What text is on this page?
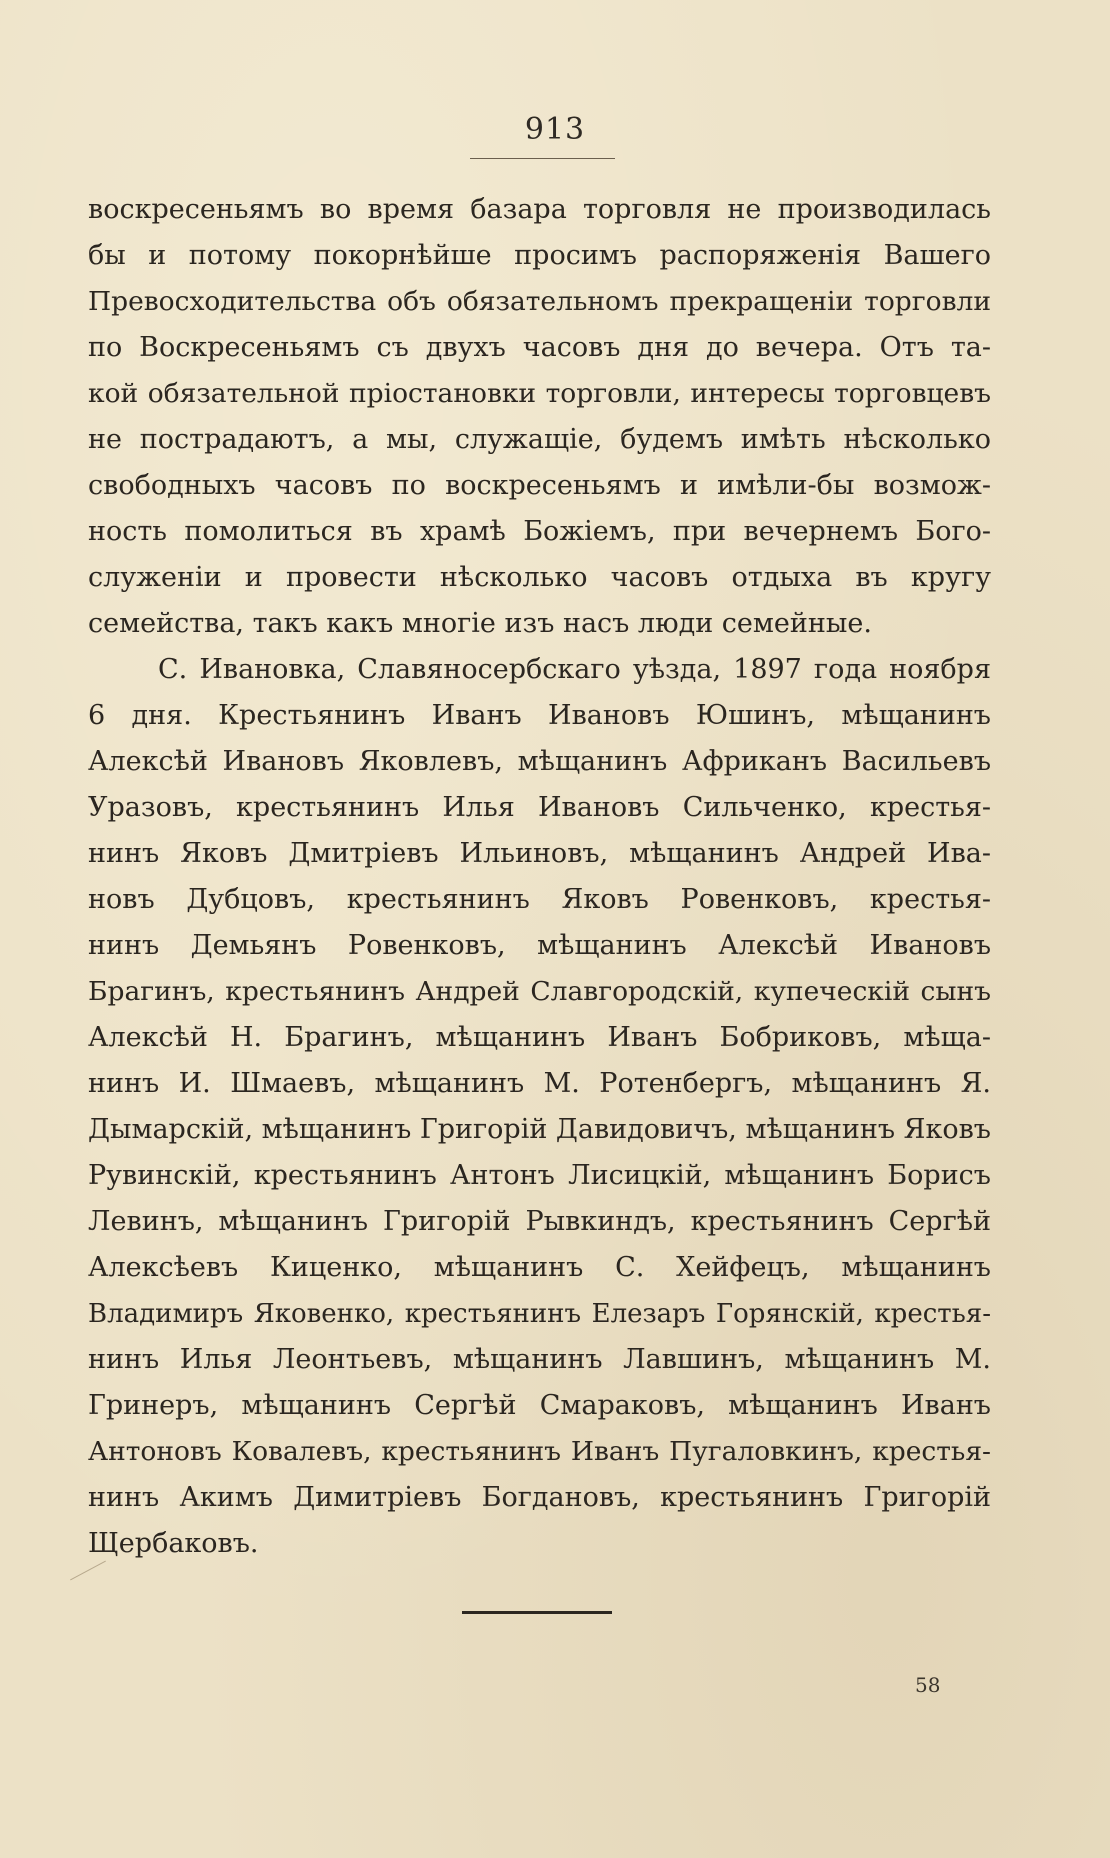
913
воскресеньямъ во время базара торговля не производилась
бы и потому покорнѣйше просимъ распоряженія Вашего
Превосходительства объ обязательномъ прекращеніи торговли
по Воскресеньямъ съ двухъ часовъ дня до вечера. Отъ та-
кой обязательной пріостановки торговли, интересы торговцевъ
не пострадаютъ, а мы, служащіе, будемъ имѣть нѣсколько
свободныхъ часовъ по воскресеньямъ и имѣли-бы возмож-
ность помолиться въ храмѣ Божіемъ, при вечернемъ Бого-
служеніи и провести нѣсколько часовъ отдыха въ кругу
семейства, такъ какъ многіе изъ насъ люди семейные.
С. Ивановка, Славяносербскаго уѣзда, 1897 года ноября
6 дня. Крестьянинъ Иванъ Ивановъ Юшинъ, мѣщанинъ
Алексѣй Ивановъ Яковлевъ, мѣщанинъ Африканъ Васильевъ
Уразовъ, крестьянинъ Илья Ивановъ Сильченко, крестья-
нинъ Яковъ Дмитріевъ Ильиновъ, мѣщанинъ Андрей Ива-
новъ Дубцовъ, крестьянинъ Яковъ Ровенковъ, крестья-
нинъ Демьянъ Ровенковъ, мѣщанинъ Алексѣй Ивановъ
Брагинъ, крестьянинъ Андрей Славгородскій, купеческій сынъ
Алексѣй Н. Брагинъ, мѣщанинъ Иванъ Бобриковъ, мѣща-
нинъ И. Шмаевъ, мѣщанинъ М. Ротенбергъ, мѣщанинъ Я.
Дымарскій, мѣщанинъ Григорій Давидовичъ, мѣщанинъ Яковъ
Рувинскій, крестьянинъ Антонъ Лисицкій, мѣщанинъ Борисъ
Левинъ, мѣщанинъ Григорій Рывкиндъ, крестьянинъ Сергѣй
Алексѣевъ Киценко, мѣщанинъ С. Хейфецъ, мѣщанинъ
Владимиръ Яковенко, крестьянинъ Елезаръ Горянскій, крестья-
нинъ Илья Леонтьевъ, мѣщанинъ Лавшинъ, мѣщанинъ М.
Гринеръ, мѣщанинъ Сергѣй Смараковъ, мѣщанинъ Иванъ
Антоновъ Ковалевъ, крестьянинъ Иванъ Пугаловкинъ, крестья-
нинъ Акимъ Димитріевъ Богдановъ, крестьянинъ Григорій
Щербаковъ.
58
